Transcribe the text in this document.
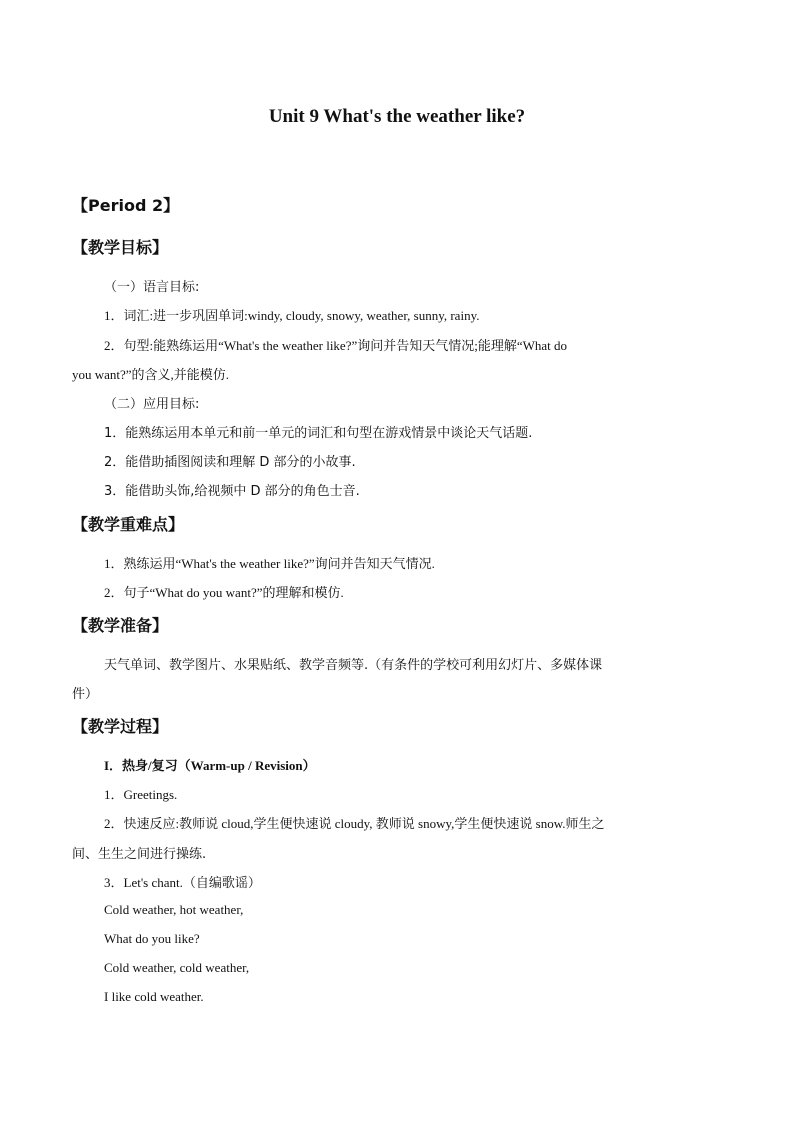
Unit 9 What's the weather like?
【Period 2】
【教学目标】
（一）语言目标:
1．词汇:进一步巩固单词:windy, cloudy, snowy, weather, sunny, rainy.
2．句型:能熟练运用“What's the weather like?”询问并告知天气情况;能理解“What do
you want?”的含义,并能模仿.
（二）应用目标:
1．能熟练运用本单元和前一单元的词汇和句型在游戏情景中谈论天气话题.
2．能借助插图阅读和理解 D 部分的小故事.
3．能借助头饰,给视频中 D 部分的角色士音.
【教学重难点】
1．熟练运用“What's the weather like?”询问并告知天气情况.
2．句子“What do you want?”的理解和模仿.
【教学准备】
天气单词、教学图片、水果贴纸、教学音频等.（有条件的学校可利用幻灯片、多媒体课
件）
【教学过程】
I．热身/复习（Warm-up / Revision）
1．Greetings.
2．快速反应:教师说 cloud,学生便快速说 cloudy, 教师说 snowy,学生便快速说 snow.师生之
间、生生之间进行操练.
3．Let's chant.（自编歌谣）
Cold weather, hot weather,
What do you like?
Cold weather, cold weather,
I like cold weather.
